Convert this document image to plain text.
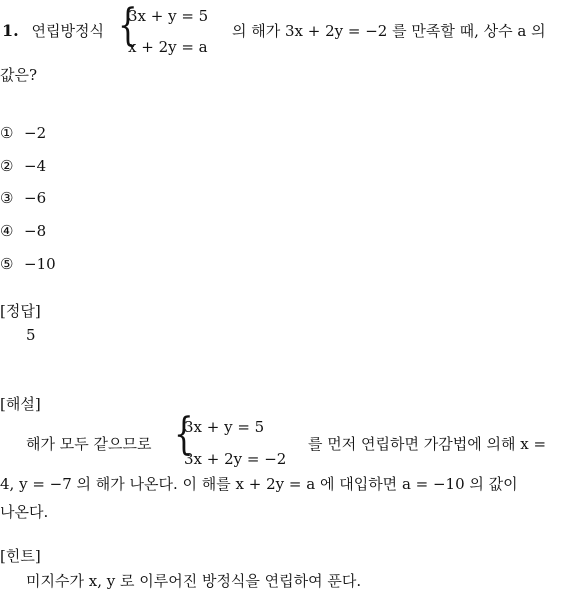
1. 연립방정식 {
3x + y = 5
x + 2y = a
의 해가 3x + 2y = −2 를 만족할 때, 상수 a 의
값은?
① −2
② −4
③ −6
④ −8
⑤ −10
[정답]
5
[해설]
해가 모두 같으므로 {
3x + y = 5
3x + 2y = −2
를 먼저 연립하면 가감법에 의해 x =
4, y = −7 의 해가 나온다. 이 해를 x + 2y = a 에 대입하면 a = −10 의 값이
나온다.
[힌트]
미지수가 x, y 로 이루어진 방정식을 연립하여 푼다.
